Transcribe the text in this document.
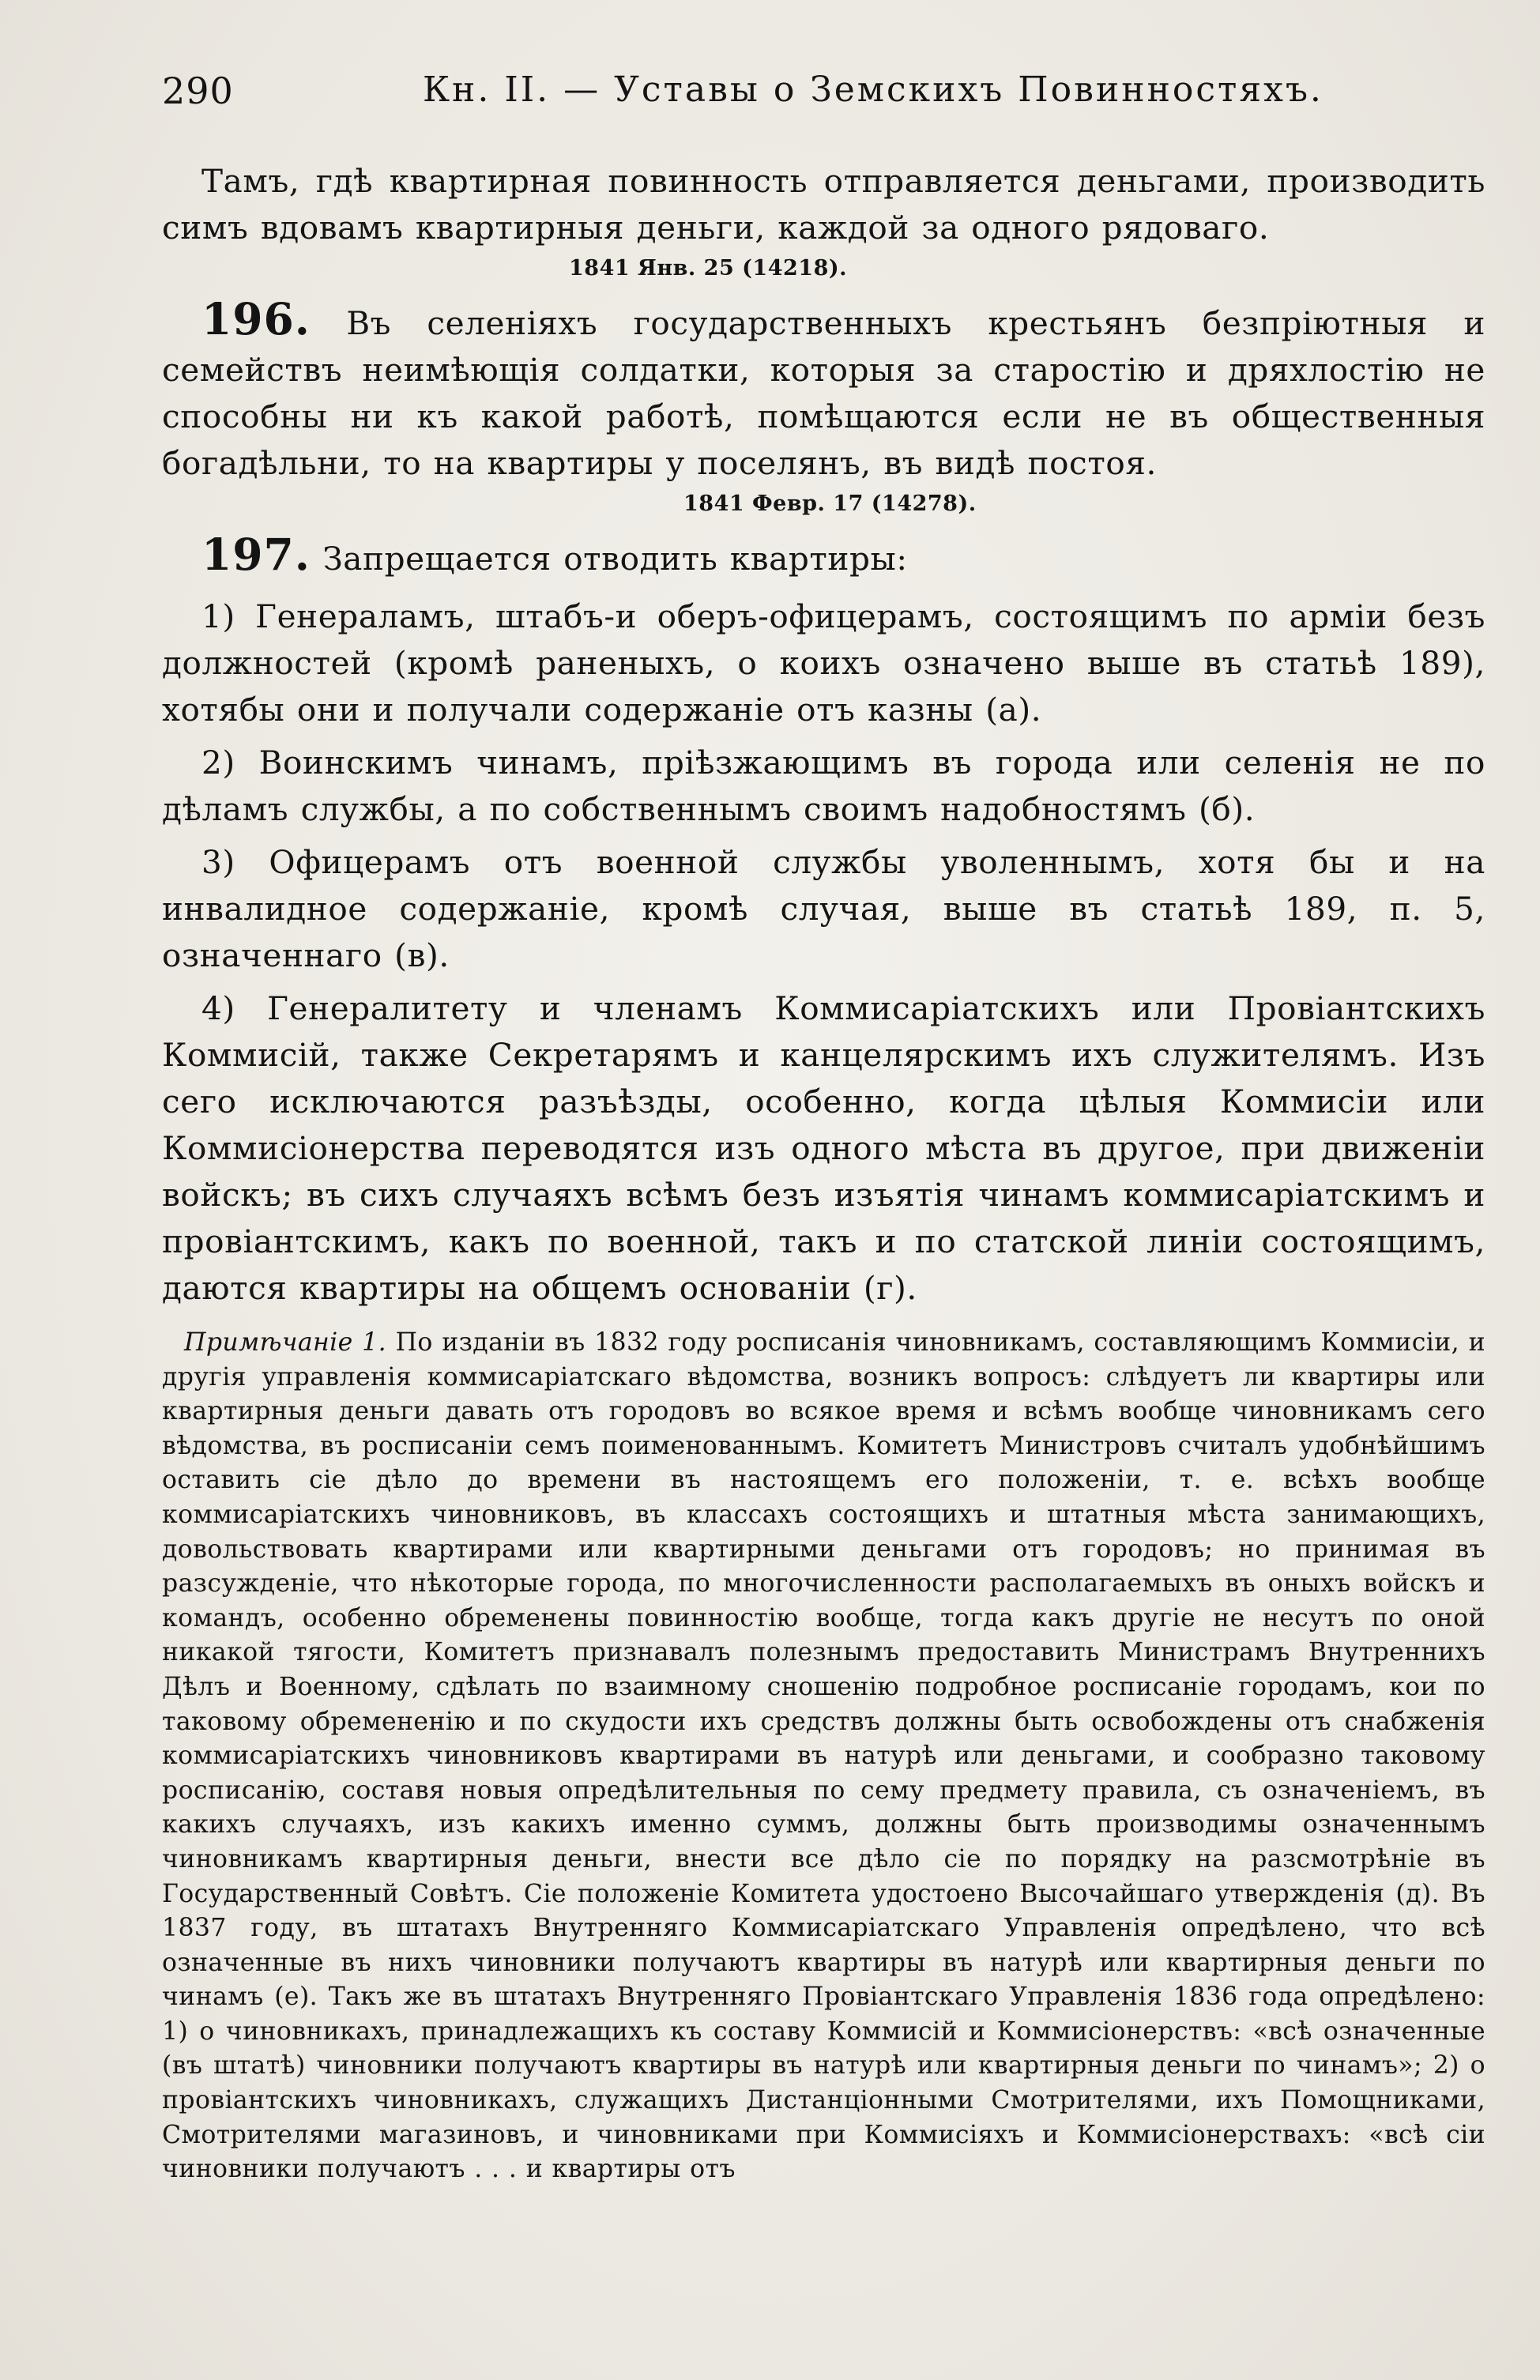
290	Кн. II. — Уставы о Земскихъ Повинностяхъ.

Тамъ, гдѣ квартирная повинность отправляется деньгами, производить симъ вдовамъ квартирныя деньги, каждой за одного рядоваго.

1841 Янв. 25 (14218).

196. Въ селеніяхъ государственныхъ крестьянъ безпріютныя и семействъ неимѣющія солдатки, которыя за старостію и дряхлостію не способны ни къ какой работѣ, помѣщаются если не въ общественныя богадѣльни, то на квартиры у поселянъ, въ видѣ постоя.

1841 Февр. 17 (14278).

197. Запрещается отводить квартиры:

1) Генераламъ, штабъ-и оберъ-офицерамъ, состоящимъ по арміи безъ должностей (кромѣ раненыхъ, о коихъ означено выше въ статьѣ 189), хотябы они и получали содержаніе отъ казны (а).

2) Воинскимъ чинамъ, пріѣзжающимъ въ города или селенія не по дѣламъ службы, а по собственнымъ своимъ надобностямъ (б).

3) Офицерамъ отъ военной службы уволеннымъ, хотя бы и на инвалидное содержаніе, кромѣ случая, выше въ статьѣ 189, п. 5, означеннаго (в).

4) Генералитету и членамъ Коммисаріатскихъ или Провіантскихъ Коммисій, также Секретарямъ и канцелярскимъ ихъ служителямъ. Изъ сего исключаются разъѣзды, особенно, когда цѣлыя Коммисіи или Коммисіонерства переводятся изъ одного мѣста въ другое, при движеніи войскъ; въ сихъ случаяхъ всѣмъ безъ изъятія чинамъ коммисаріатскимъ и провіантскимъ, какъ по военной, такъ и по статской линіи состоящимъ, даются квартиры на общемъ основаніи (г).

Примѣчаніе 1. По изданіи въ 1832 году росписанія чиновникамъ, составляющимъ Коммисіи, и другія управленія коммисаріатскаго вѣдомства, возникъ вопросъ: слѣдуетъ ли квартиры или квартирныя деньги давать отъ городовъ во всякое время и всѣмъ вообще чиновникамъ сего вѣдомства, въ росписаніи семъ поименованнымъ. Комитетъ Министровъ считалъ удобнѣйшимъ оставить сіе дѣло до времени въ настоящемъ его положеніи, т. е. всѣхъ вообще коммисаріатскихъ чиновниковъ, въ классахъ состоящихъ и штатныя мѣста занимающихъ, довольствовать квартирами или квартирными деньгами отъ городовъ; но принимая въ разсужденіе, что нѣкоторые города, по многочисленности располагаемыхъ въ оныхъ войскъ и командъ, особенно обременены повинностію вообще, тогда какъ другіе не несутъ по оной никакой тягости, Комитетъ признавалъ полезнымъ предоставить Министрамъ Внутреннихъ Дѣлъ и Военному, сдѣлать по взаимному сношенію подробное росписаніе городамъ, кои по таковому обремененію и по скудости ихъ средствъ должны быть освобождены отъ снабженія коммисаріатскихъ чиновниковъ квартирами въ натурѣ или деньгами, и сообразно таковому росписанію, составя новыя опредѣлительныя по сему предмету правила, съ означеніемъ, въ какихъ случаяхъ, изъ какихъ именно суммъ, должны быть производимы означеннымъ чиновникамъ квартирныя деньги, внести все дѣло сіе по порядку на разсмотрѣніе въ Государственный Совѣтъ. Сіе положеніе Комитета удостоено Высочайшаго утвержденія (д). Въ 1837 году, въ штатахъ Внутренняго Коммисаріатскаго Управленія опредѣлено, что всѣ означенные въ нихъ чиновники получаютъ квартиры въ натурѣ или квартирныя деньги по чинамъ (е). Такъ же въ штатахъ Внутренняго Провіантскаго Управленія 1836 года опредѣлено: 1) о чиновникахъ, принадлежащихъ къ составу Коммисій и Коммисіонерствъ: «всѣ означенные (въ штатѣ) чиновники получаютъ квартиры въ натурѣ или квартирныя деньги по чинамъ»; 2) о провіантскихъ чиновникахъ, служащихъ Дистанціонными Смотрителями, ихъ Помощниками, Смотрителями магазиновъ, и чиновниками при Коммисіяхъ и Коммисіонерствахъ: «всѣ сіи чиновники получаютъ . . . и квартиры отъ
